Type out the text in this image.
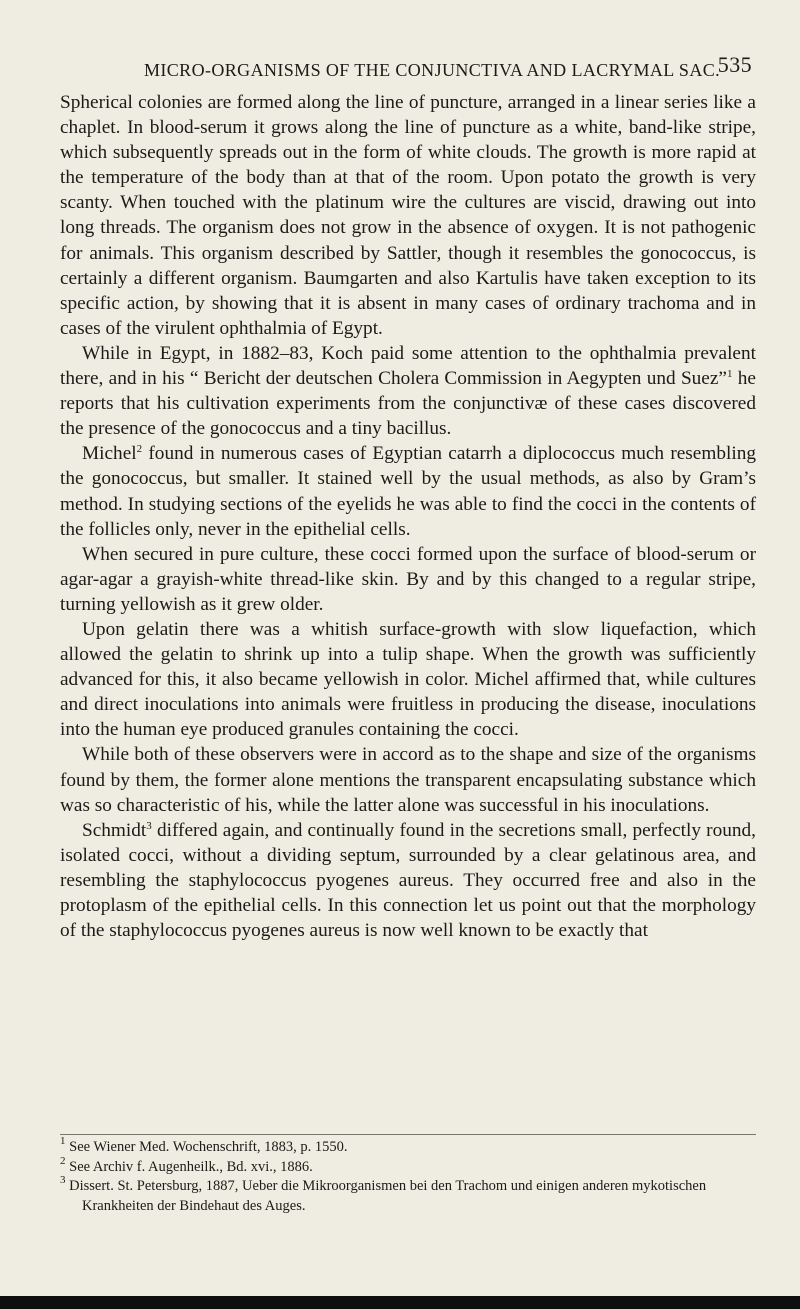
MICRO-ORGANISMS OF THE CONJUNCTIVA AND LACRYMAL SAC.
535

Spherical colonies are formed along the line of puncture, arranged in a linear series like a chaplet. In blood-serum it grows along the line of puncture as a white, band-like stripe, which subsequently spreads out in the form of white clouds. The growth is more rapid at the temperature of the body than at that of the room. Upon potato the growth is very scanty. When touched with the platinum wire the cultures are viscid, drawing out into long threads. The organism does not grow in the absence of oxygen. It is not pathogenic for animals. This organism described by Sattler, though it resembles the gonococcus, is certainly a different organism. Baumgarten and also Kartulis have taken exception to its specific action, by showing that it is absent in many cases of ordinary trachoma and in cases of the virulent ophthalmia of Egypt.

While in Egypt, in 1882–83, Koch paid some attention to the ophthalmia prevalent there, and in his “ Bericht der deutschen Cholera Commission in Aegypten und Suez”$^1$ he reports that his cultivation experiments from the conjunctivæ of these cases discovered the presence of the gonococcus and a tiny bacillus.

Michel$^2$ found in numerous cases of Egyptian catarrh a diplococcus much resembling the gonococcus, but smaller. It stained well by the usual methods, as also by Gram’s method. In studying sections of the eyelids he was able to find the cocci in the contents of the follicles only, never in the epithelial cells.

When secured in pure culture, these cocci formed upon the surface of blood-serum or agar-agar a grayish-white thread-like skin. By and by this changed to a regular stripe, turning yellowish as it grew older.

Upon gelatin there was a whitish surface-growth with slow liquefaction, which allowed the gelatin to shrink up into a tulip shape. When the growth was sufficiently advanced for this, it also became yellowish in color. Michel affirmed that, while cultures and direct inoculations into animals were fruitless in producing the disease, inoculations into the human eye produced granules containing the cocci.

While both of these observers were in accord as to the shape and size of the organisms found by them, the former alone mentions the transparent encapsulating substance which was so characteristic of his, while the latter alone was successful in his inoculations.

Schmidt$^3$ differed again, and continually found in the secretions small, perfectly round, isolated cocci, without a dividing septum, surrounded by a clear gelatinous area, and resembling the staphylococcus pyogenes aureus. They occurred free and also in the protoplasm of the epithelial cells. In this connection let us point out that the morphology of the staphylococcus pyogenes aureus is now well known to be exactly that

$^1$ See Wiener Med. Wochenschrift, 1883, p. 1550.

$^2$ See Archiv f. Augenheilk., Bd. xvi., 1886.

$^3$ Dissert. St. Petersburg, 1887, Ueber die Mikroorganismen bei den Trachom und einigen anderen mykotischen Krankheiten der Bindehaut des Auges.
